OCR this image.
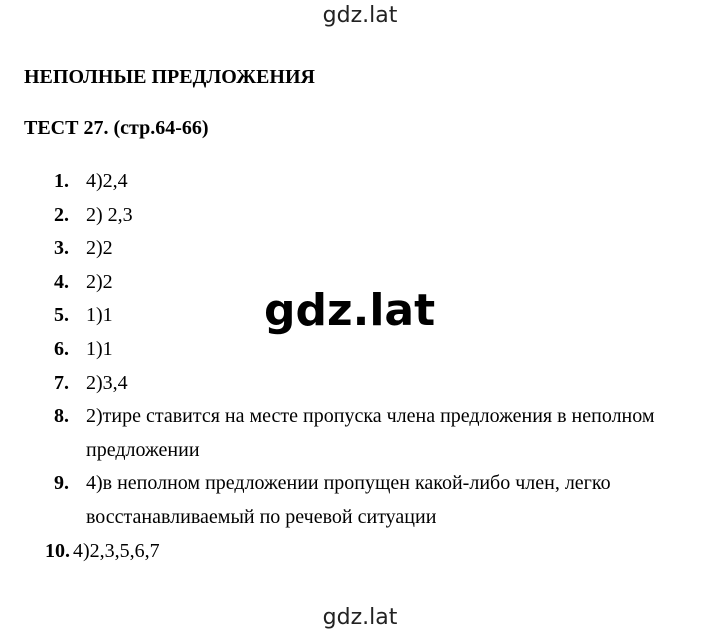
gdz.lat
НЕПОЛНЫЕ ПРЕДЛОЖЕНИЯ
ТЕСТ 27. (стр.64-66)
1. 4)2,4
2. 2) 2,3
3. 2)2
4. 2)2
5. 1)1
6. 1)1
7. 2)3,4
8. 2)тире ставится на месте пропуска члена предложения в неполном предложении
9. 4)в неполном предложении пропущен какой-либо член, легко восстанавливаемый по речевой ситуации
10. 4)2,3,5,6,7
gdz.lat
gdz.lat
